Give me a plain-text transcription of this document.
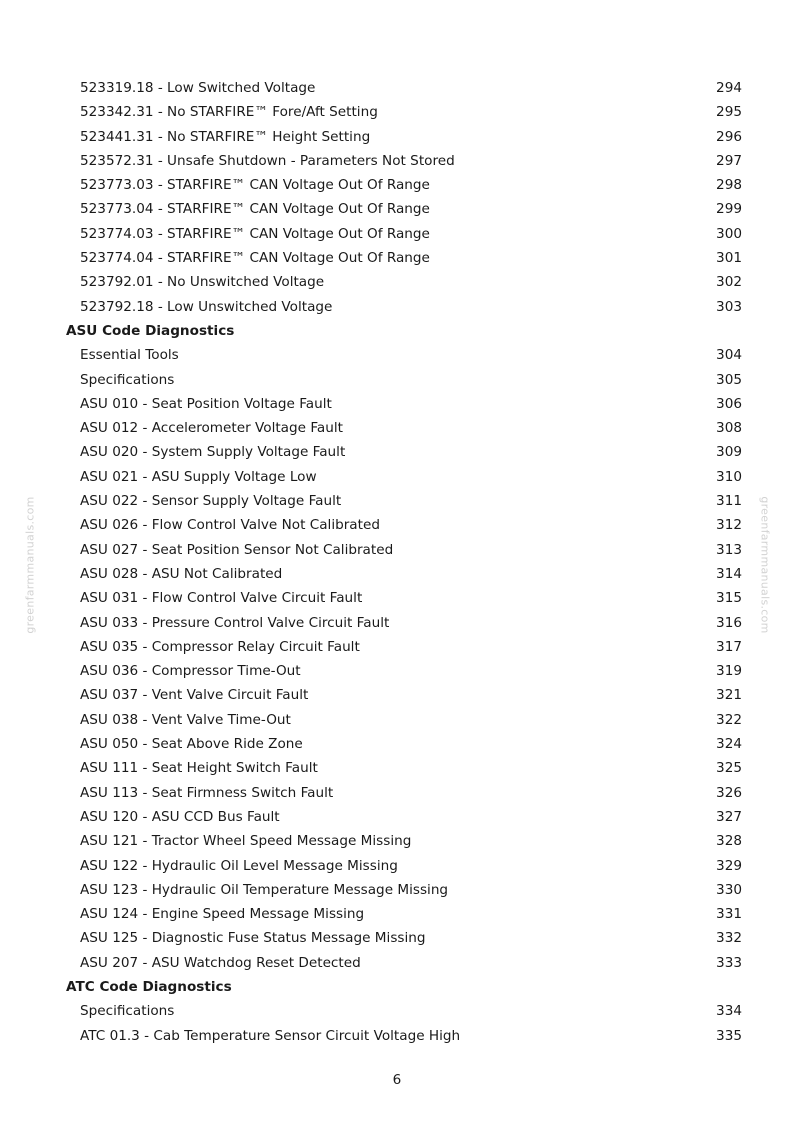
greenfarmmanuals.com	greenfarmmanuals.com
523319.18 - Low Switched Voltage	294
523342.31 - No STARFIRE™ Fore/Aft Setting	295
523441.31 - No STARFIRE™ Height Setting	296
523572.31 - Unsafe Shutdown - Parameters Not Stored	297
523773.03 - STARFIRE™ CAN Voltage Out Of Range	298
523773.04 - STARFIRE™ CAN Voltage Out Of Range	299
523774.03 - STARFIRE™ CAN Voltage Out Of Range	300
523774.04 - STARFIRE™ CAN Voltage Out Of Range	301
523792.01 - No Unswitched Voltage	302
523792.18 - Low Unswitched Voltage	303
ASU Code Diagnostics
Essential Tools	304
Specifications	305
ASU 010 - Seat Position Voltage Fault	306
ASU 012 - Accelerometer Voltage Fault	308
ASU 020 - System Supply Voltage Fault	309
ASU 021 - ASU Supply Voltage Low	310
ASU 022 - Sensor Supply Voltage Fault	311
ASU 026 - Flow Control Valve Not Calibrated	312
ASU 027 - Seat Position Sensor Not Calibrated	313
ASU 028 - ASU Not Calibrated	314
ASU 031 - Flow Control Valve Circuit Fault	315
ASU 033 - Pressure Control Valve Circuit Fault	316
ASU 035 - Compressor Relay Circuit Fault	317
ASU 036 - Compressor Time-Out	319
ASU 037 - Vent Valve Circuit Fault	321
ASU 038 - Vent Valve Time-Out	322
ASU 050 - Seat Above Ride Zone	324
ASU 111 - Seat Height Switch Fault	325
ASU 113 - Seat Firmness Switch Fault	326
ASU 120 - ASU CCD Bus Fault	327
ASU 121 - Tractor Wheel Speed Message Missing	328
ASU 122 - Hydraulic Oil Level Message Missing	329
ASU 123 - Hydraulic Oil Temperature Message Missing	330
ASU 124 - Engine Speed Message Missing	331
ASU 125 - Diagnostic Fuse Status Message Missing	332
ASU 207 - ASU Watchdog Reset Detected	333
ATC Code Diagnostics
Specifications	334
ATC 01.3 - Cab Temperature Sensor Circuit Voltage High	335
6
